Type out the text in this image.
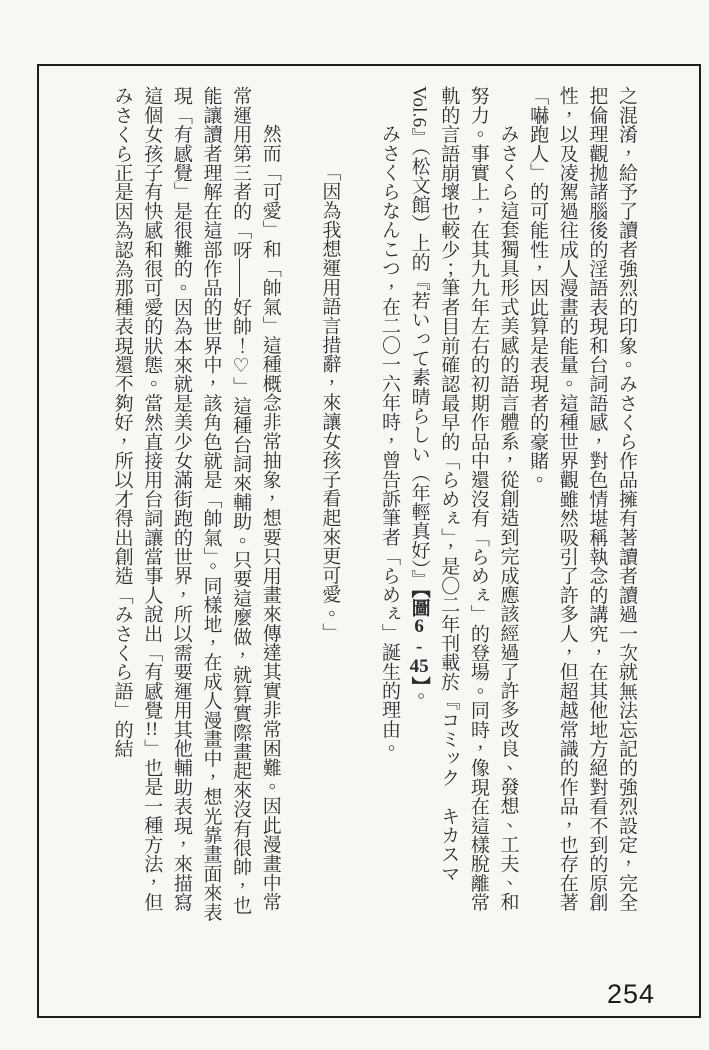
之混淆，給予了讀者強烈的印象。みさくら作品擁有著讀者讀過一次就無法忘記的強烈設定，完全把倫理觀拋諸腦後的淫語表現和台詞語感，對色情堪稱執念的講究，在其他地方絕對看不到的原創性，以及凌駕過往成人漫畫的能量。這種世界觀雖然吸引了許多人，但超越常識的作品，也存在著「嚇跑人」的可能性，因此算是表現者的豪賭。

みさくら這套獨具形式美感的語言體系，從創造到完成應該經過了許多改良、發想、工夫、和努力。事實上，在其九九年左右的初期作品中還沒有「らめぇ」的登場。同時，像現在這樣脫離常軌的言語崩壞也較少；筆者目前確認最早的「らめぇ」，是〇二年刊載於『コミック　キカスマVol.6』（松文館）上的『若いって素晴らしい（年輕真好）』【圖6-45】。

みさくらなんこつ，在二〇一六年時，曾告訴筆者「らめぇ」誕生的理由。

「因為我想運用語言措辭，來讓女孩子看起來更可愛。」

然而「可愛」和「帥氣」這種概念非常抽象，想要只用畫來傳達其實非常困難。因此漫畫中常常運用第三者的「呀——好帥！♡」這種台詞來輔助。只要這麼做，就算實際畫起來沒有很帥，也能讓讀者理解在這部作品的世界中，該角色就是「帥氣」。同樣地，在成人漫畫中，想光靠畫面來表現「有感覺」是很難的。因為本來就是美少女滿街跑的世界，所以需要運用其他輔助表現，來描寫這個女孩子有快感和很可愛的狀態。當然直接用台詞讓當事人說出「有感覺!!」也是一種方法，但みさくら正是因為認為那種表現還不夠好，所以才得出創造「みさくら語」的結

254
